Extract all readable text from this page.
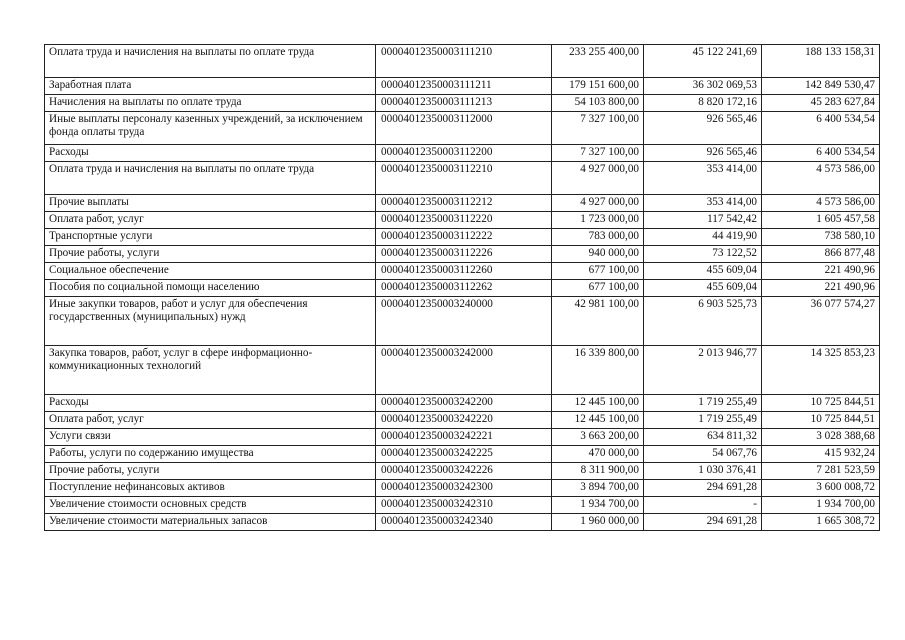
Оплата труда и начисления на выплаты по оплате труда	00004012350003111210	233 255 400,00	45 122 241,69	188 133 158,31
Заработная плата	00004012350003111211	179 151 600,00	36 302 069,53	142 849 530,47
Начисления на выплаты по оплате труда	00004012350003111213	54 103 800,00	8 820 172,16	45 283 627,84
Иные выплаты персоналу казенных учреждений, за исключением фонда оплаты труда	00004012350003112000	7 327 100,00	926 565,46	6 400 534,54
Расходы	00004012350003112200	7 327 100,00	926 565,46	6 400 534,54
Оплата труда и начисления на выплаты по оплате труда	00004012350003112210	4 927 000,00	353 414,00	4 573 586,00
Прочие выплаты	00004012350003112212	4 927 000,00	353 414,00	4 573 586,00
Оплата работ, услуг	00004012350003112220	1 723 000,00	117 542,42	1 605 457,58
Транспортные услуги	00004012350003112222	783 000,00	44 419,90	738 580,10
Прочие работы, услуги	00004012350003112226	940 000,00	73 122,52	866 877,48
Социальное обеспечение	00004012350003112260	677 100,00	455 609,04	221 490,96
Пособия по социальной помощи населению	00004012350003112262	677 100,00	455 609,04	221 490,96
Иные закупки товаров, работ и услуг для обеспечения государственных (муниципальных) нужд	00004012350003240000	42 981 100,00	6 903 525,73	36 077 574,27
Закупка товаров, работ, услуг в сфере информационно-коммуникационных технологий	00004012350003242000	16 339 800,00	2 013 946,77	14 325 853,23
Расходы	00004012350003242200	12 445 100,00	1 719 255,49	10 725 844,51
Оплата работ, услуг	00004012350003242220	12 445 100,00	1 719 255,49	10 725 844,51
Услуги связи	00004012350003242221	3 663 200,00	634 811,32	3 028 388,68
Работы, услуги по содержанию имущества	00004012350003242225	470 000,00	54 067,76	415 932,24
Прочие работы, услуги	00004012350003242226	8 311 900,00	1 030 376,41	7 281 523,59
Поступление нефинансовых активов	00004012350003242300	3 894 700,00	294 691,28	3 600 008,72
Увеличение стоимости основных средств	00004012350003242310	1 934 700,00	-	1 934 700,00
Увеличение стоимости материальных запасов	00004012350003242340	1 960 000,00	294 691,28	1 665 308,72
